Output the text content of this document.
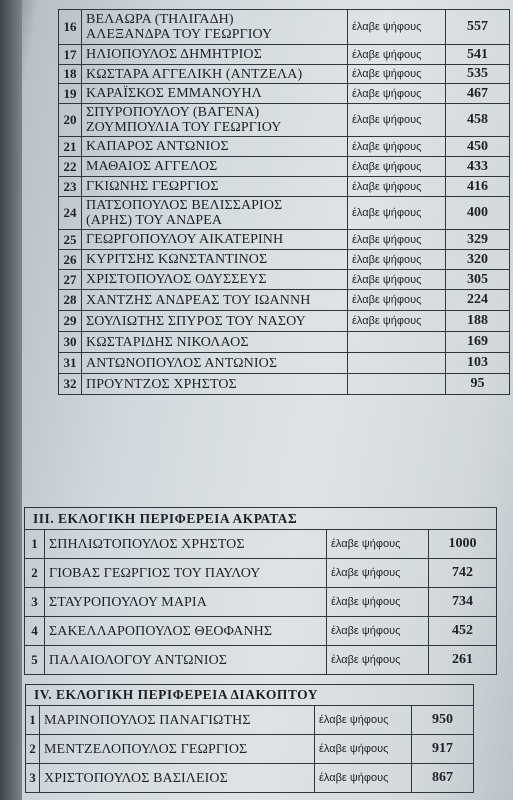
16	ΒΕΛΑΩΡΑ (ΤΗΛΙΓΑΔΗ)
ΑΛΕΞΑΝΔΡΑ ΤΟΥ ΓΕΩΡΓΙΟΥ	έλαβε ψήφους	557
17	ΗΛΙΟΠΟΥΛΟΣ ΔΗΜΗΤΡΙΟΣ	έλαβε ψήφους	541
18	ΚΩΣΤΑΡΑ ΑΓΓΕΛΙΚΗ (ΑΝΤΖΕΛΑ)	έλαβε ψήφους	535
19	ΚΑΡΑΪΣΚΟΣ ΕΜΜΑΝΟΥΗΛ	έλαβε ψήφους	467
20	ΣΠΥΡΟΠΟΥΛΟΥ (ΒΑΓΕΝΑ)
ΖΟΥΜΠΟΥΛΙΑ ΤΟΥ ΓΕΩΡΓΙΟΥ	έλαβε ψήφους	458
21	ΚΑΠΑΡΟΣ ΑΝΤΩΝΙΟΣ	έλαβε ψήφους	450
22	ΜΑΘΑΙΟΣ ΑΓΓΕΛΟΣ	έλαβε ψήφους	433
23	ΓΚΙΩΝΗΣ ΓΕΩΡΓΙΟΣ	έλαβε ψήφους	416
24	ΠΑΤΣΟΠΟΥΛΟΣ ΒΕΛΙΣΣΑΡΙΟΣ
(ΑΡΗΣ) ΤΟΥ ΑΝΔΡΕΑ	έλαβε ψήφους	400
25	ΓΕΩΡΓΟΠΟΥΛΟΥ ΑΙΚΑΤΕΡΙΝΗ	έλαβε ψήφους	329
26	ΚΥΡΙΤΣΗΣ ΚΩΝΣΤΑΝΤΙΝΟΣ	έλαβε ψήφους	320
27	ΧΡΙΣΤΟΠΟΥΛΟΣ ΟΔΥΣΣΕΥΣ	έλαβε ψήφους	305
28	ΧΑΝΤΖΗΣ ΑΝΔΡΕΑΣ ΤΟΥ ΙΩΑΝΝΗ	έλαβε ψήφους	224
29	ΣΟΥΛΙΩΤΗΣ ΣΠΥΡΟΣ ΤΟΥ ΝΑΣΟΥ	έλαβε ψήφους	188
30	ΚΩΣΤΑΡΙΔΗΣ ΝΙΚΟΛΑΟΣ		169
31	ΑΝΤΩΝΟΠΟΥΛΟΣ ΑΝΤΩΝΙΟΣ		103
32	ΠΡΟΥΝΤΖΟΣ ΧΡΗΣΤΟΣ		95
III. ΕΚΛΟΓΙΚΗ ΠΕΡΙΦΕΡΕΙΑ ΑΚΡΑΤΑΣ			
1	ΣΠΗΛΙΩΤΟΠΟΥΛΟΣ ΧΡΗΣΤΟΣ	έλαβε ψήφους	1000
2	ΓΙΟΒΑΣ ΓΕΩΡΓΙΟΣ ΤΟΥ ΠΑΥΛΟΥ	έλαβε ψήφους	742
3	ΣΤΑΥΡΟΠΟΥΛΟΥ ΜΑΡΙΑ	έλαβε ψήφους	734
4	ΣΑΚΕΛΛΑΡΟΠΟΥΛΟΣ ΘΕΟΦΑΝΗΣ	έλαβε ψήφους	452
5	ΠΑΛΑΙΟΛΟΓΟΥ ΑΝΤΩΝΙΟΣ	έλαβε ψήφους	261
IV. ΕΚΛΟΓΙΚΗ ΠΕΡΙΦΕΡΕΙΑ ΔΙΑΚΟΠΤΟΥ			
1	ΜΑΡΙΝΟΠΟΥΛΟΣ ΠΑΝΑΓΙΩΤΗΣ	έλαβε ψήφους	950
2	ΜΕΝΤΖΕΛΟΠΟΥΛΟΣ ΓΕΩΡΓΙΟΣ	έλαβε ψήφους	917
3	ΧΡΙΣΤΟΠΟΥΛΟΣ ΒΑΣΙΛΕΙΟΣ	έλαβε ψήφους	867
